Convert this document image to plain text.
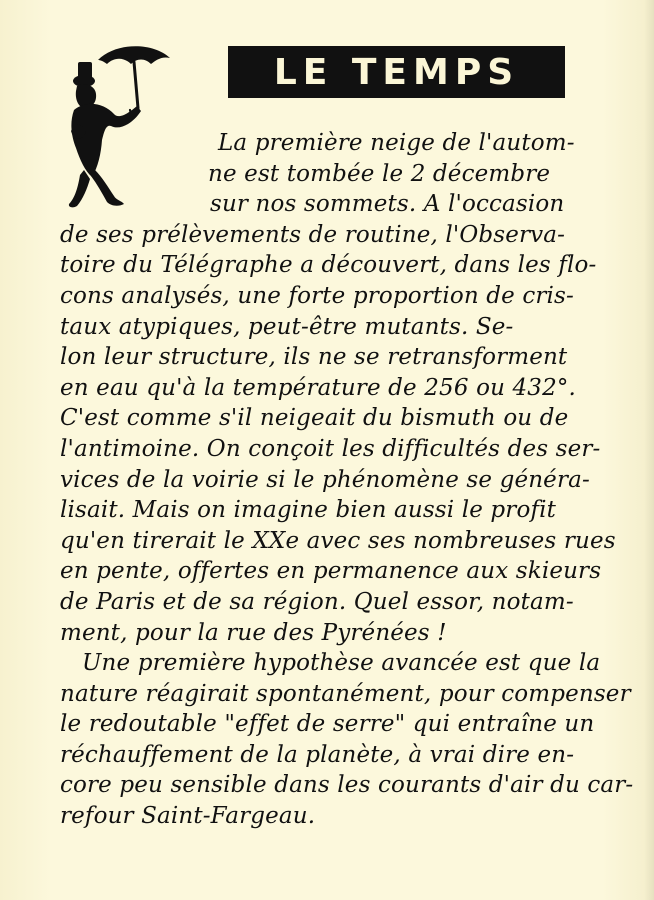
LE TEMPS
La première neige de l'autom-
ne est tombée le 2 décembre
sur nos sommets. A l'occasion
de ses prélèvements de routine, l'Observa-
toire du Télégraphe a découvert, dans les flo-
cons analysés, une forte proportion de cris-
taux atypiques, peut-être mutants. Se-
lon leur structure, ils ne se retransforment
en eau qu'à la température de 256 ou 432°.
C'est comme s'il neigeait du bismuth ou de
l'antimoine. On conçoit les difficultés des ser-
vices de la voirie si le phénomène se généra-
lisait. Mais on imagine bien aussi le profit
qu'en tirerait le XXe avec ses nombreuses rues
en pente, offertes en permanence aux skieurs
de Paris et de sa région. Quel essor, notam-
ment, pour la rue des Pyrénées !
Une première hypothèse avancée est que la
nature réagirait spontanément, pour compenser
le redoutable "effet de serre" qui entraîne un
réchauffement de la planète, à vrai dire en-
core peu sensible dans les courants d'air du car-
refour Saint-Fargeau.
